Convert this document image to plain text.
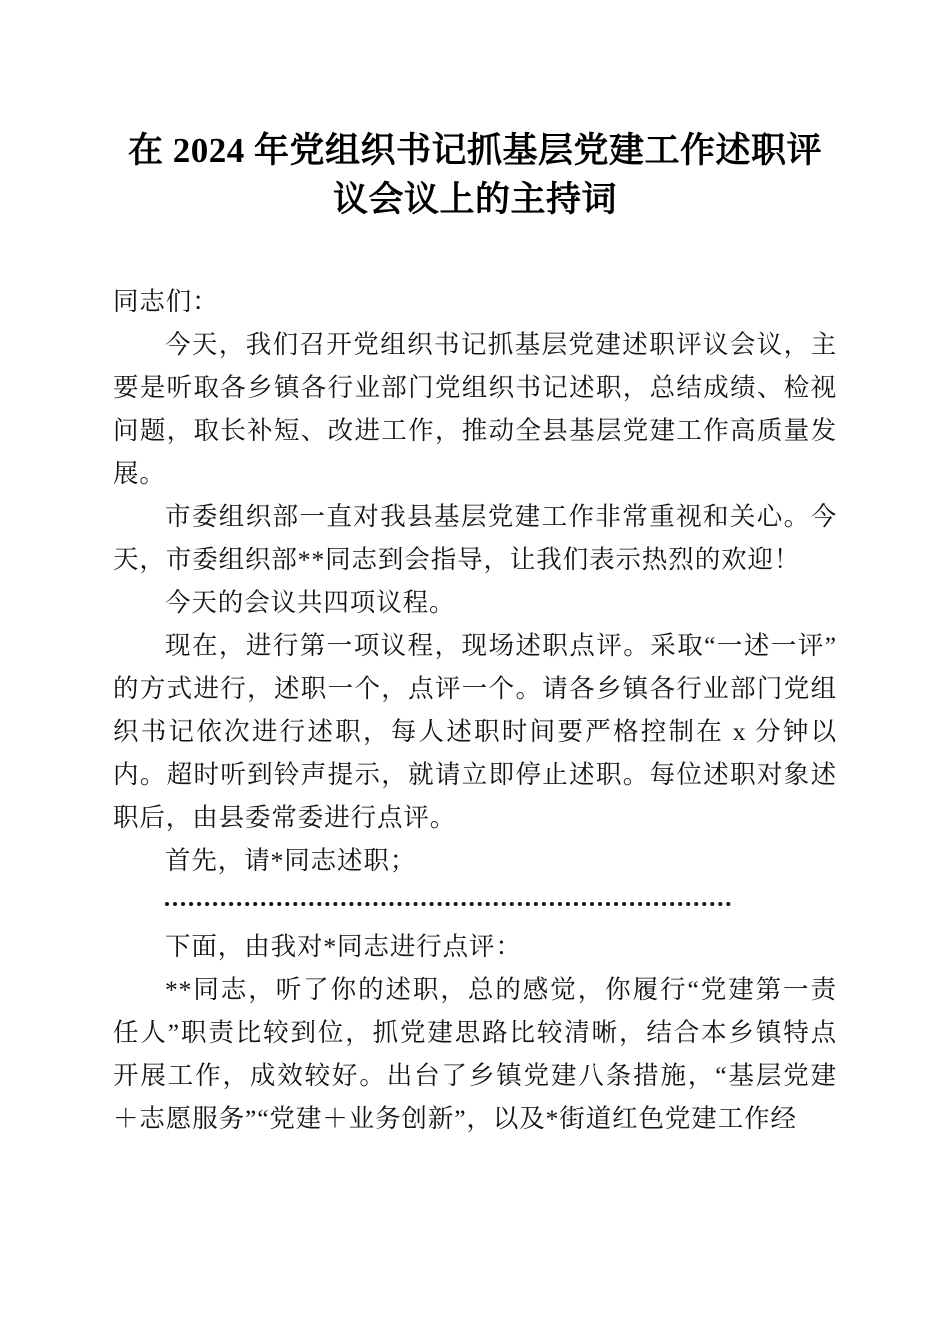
在 2024 年党组织书记抓基层党建工作述职评议会议上的主持词

同志们：

今天，我们召开党组织书记抓基层党建述职评议会议，主要是听取各乡镇各行业部门党组织书记述职，总结成绩、检视问题，取长补短、改进工作，推动全县基层党建工作高质量发展。

市委组织部一直对我县基层党建工作非常重视和关心。今天，市委组织部**同志到会指导，让我们表示热烈的欢迎！

今天的会议共四项议程。

现在，进行第一项议程，现场述职点评。采取“一述一评”的方式进行，述职一个，点评一个。请各乡镇各行业部门党组织书记依次进行述职，每人述职时间要严格控制在 x 分钟以内。超时听到铃声提示，就请立即停止述职。每位述职对象述职后，由县委常委进行点评。

首先，请*同志述职；

下面，由我对*同志进行点评：

**同志，听了你的述职，总的感觉，你履行“党建第一责任人”职责比较到位，抓党建思路比较清晰，结合本乡镇特点开展工作，成效较好。出台了乡镇党建八条措施，“基层党建＋志愿服务”“党建＋业务创新”，以及*街道红色党建工作经
